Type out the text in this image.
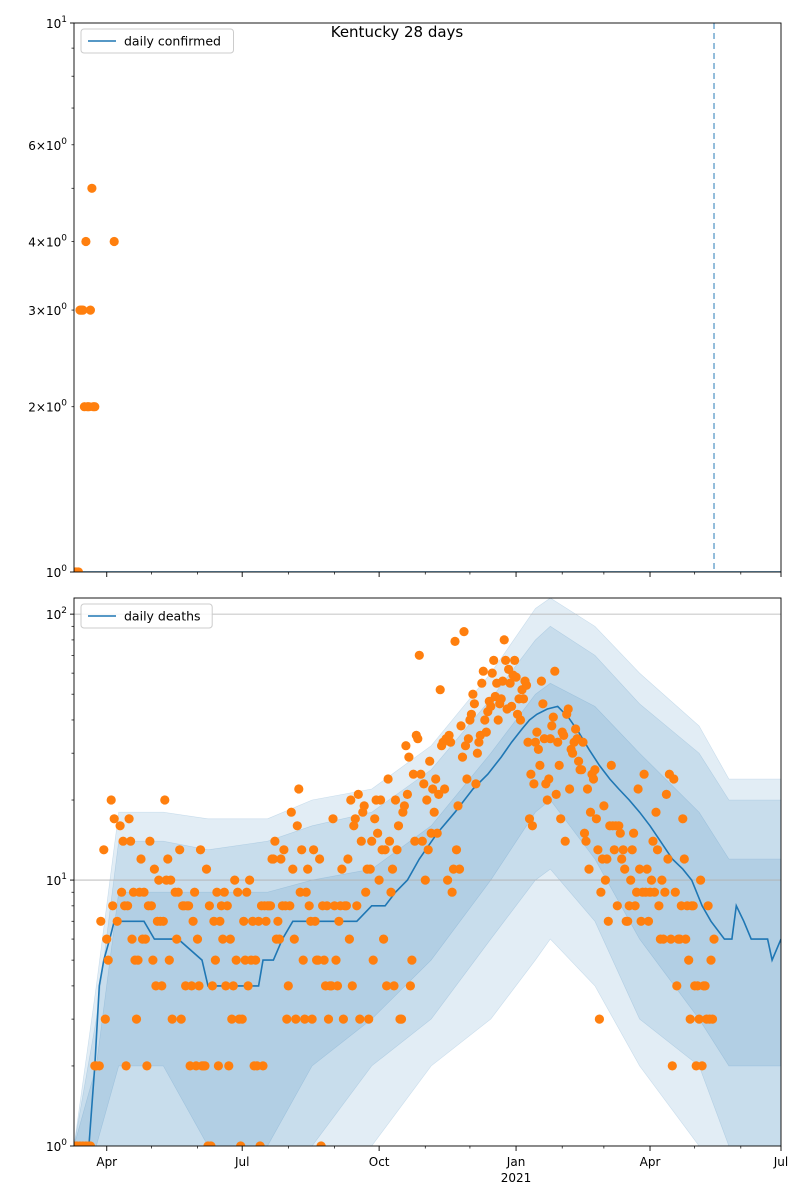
Kentucky 28 days
$10^0$
$10^1$
$2\times 10^0$
$3\times 10^0$
$4\times 10^0$
$6\times 10^0$
daily confirmed
$10^0$
$10^1$
$10^2$
Apr	Jul	Oct	Jan	Apr	Jul
2021
daily deaths
